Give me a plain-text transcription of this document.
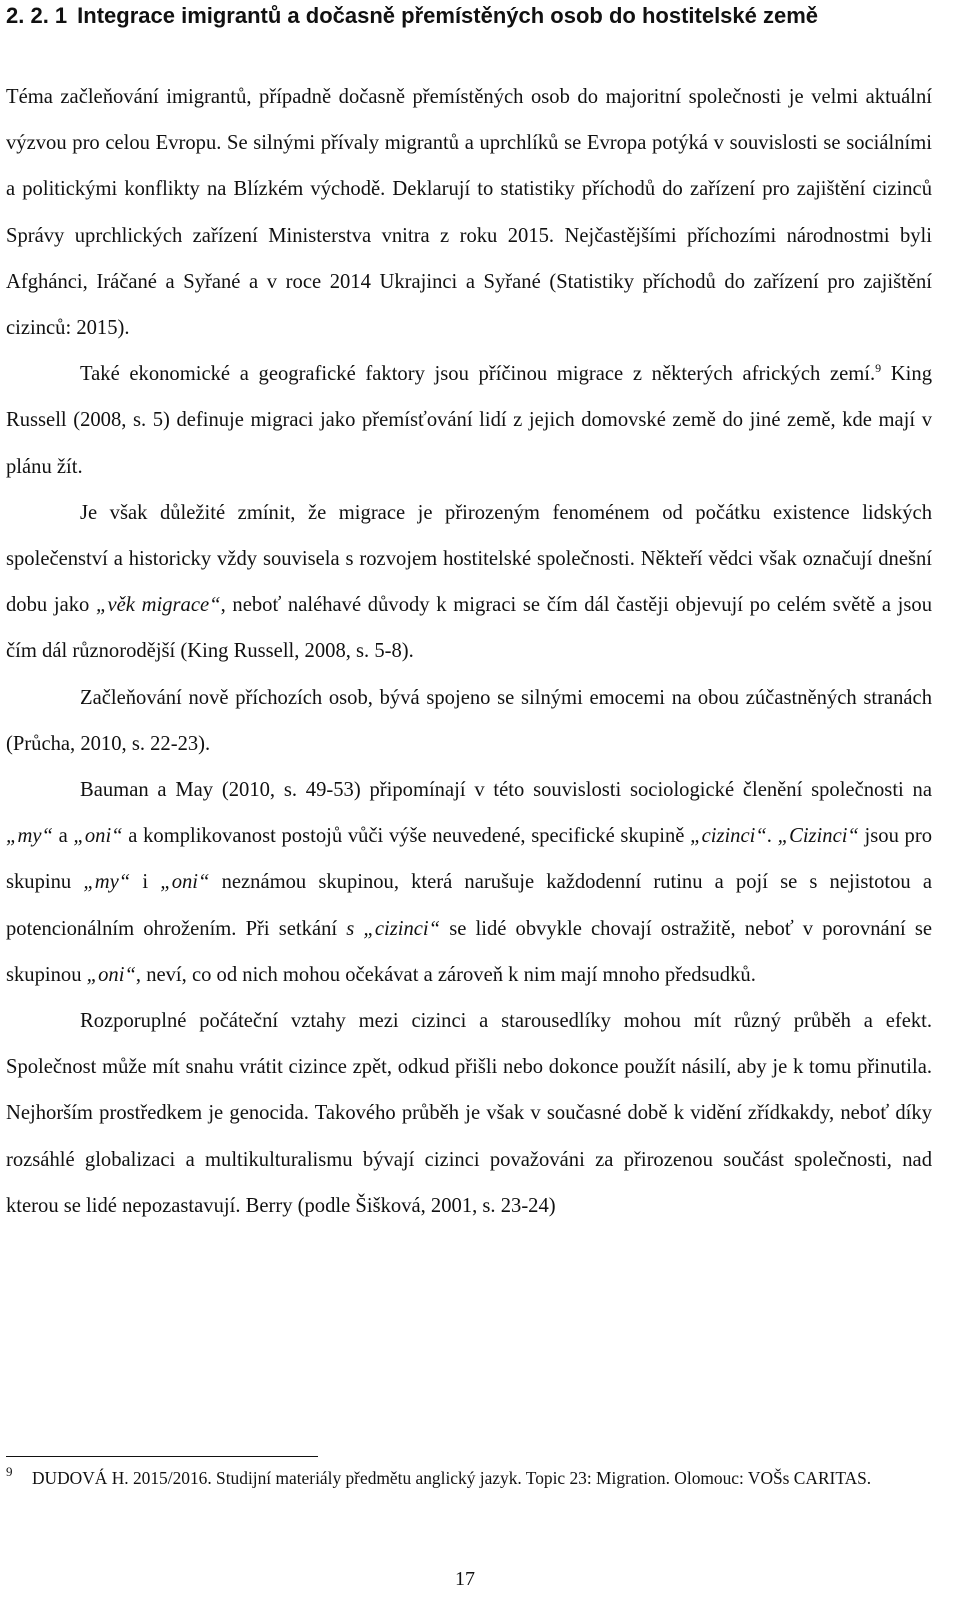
2. 2. 1 Integrace imigrantů a dočasně přemístěných osob do hostitelské země

Téma začleňování imigrantů, případně dočasně přemístěných osob do majoritní společnosti je velmi aktuální výzvou pro celou Evropu. Se silnými přívaly migrantů a uprchlíků se Evropa potýká v souvislosti se sociálními a politickými konflikty na Blízkém východě. Deklarují to statistiky příchodů do zařízení pro zajištění cizinců Správy uprchlických zařízení Ministerstva vnitra z roku 2015. Nejčastějšími příchozími národnostmi byli Afghánci, Iráčané a Syřané a v roce 2014 Ukrajinci a Syřané (Statistiky příchodů do zařízení pro zajištění cizinců: 2015).

Také ekonomické a geografické faktory jsou příčinou migrace z některých afrických zemí.$^9$ King Russell (2008, s. 5) definuje migraci jako přemísťování lidí z jejich domovské země do jiné země, kde mají v plánu žít.

Je však důležité zmínit, že migrace je přirozeným fenoménem od počátku existence lidských společenství a historicky vždy souvisela s rozvojem hostitelské společnosti. Někteří vědci však označují dnešní dobu jako „věk migrace“, neboť naléhavé důvody k migraci se čím dál častěji objevují po celém světě a jsou čím dál různorodější (King Russell, 2008, s. 5-8).

Začleňování nově příchozích osob, bývá spojeno se silnými emocemi na obou zúčastněných stranách (Průcha, 2010, s. 22-23).

Bauman a May (2010, s. 49-53) připomínají v této souvislosti sociologické členění společnosti na „my“ a „oni“ a komplikovanost postojů vůči výše neuvedené, specifické skupině „cizinci“. „Cizinci“ jsou pro skupinu „my“ i „oni“ neznámou skupinou, která narušuje každodenní rutinu a pojí se s nejistotou a potencionálním ohrožením. Při setkání s „cizinci“ se lidé obvykle chovají ostražitě, neboť v porovnání se skupinou „oni“, neví, co od nich mohou očekávat a zároveň k nim mají mnoho předsudků.

Rozporuplné počáteční vztahy mezi cizinci a starousedlíky mohou mít různý průběh a efekt. Společnost může mít snahu vrátit cizince zpět, odkud přišli nebo dokonce použít násilí, aby je k tomu přinutila. Nejhorším prostředkem je genocida. Takového průběh je však v současné době k vidění zřídkakdy, neboť díky rozsáhlé globalizaci a multikulturalismu bývají cizinci považováni za přirozenou součást společnosti, nad kterou se lidé nepozastavují. Berry (podle Šišková, 2001, s. 23-24)

9	DUDOVÁ H. 2015/2016. Studijní materiály předmětu anglický jazyk. Topic 23: Migration. Olomouc: VOŠs CARITAS.
17
